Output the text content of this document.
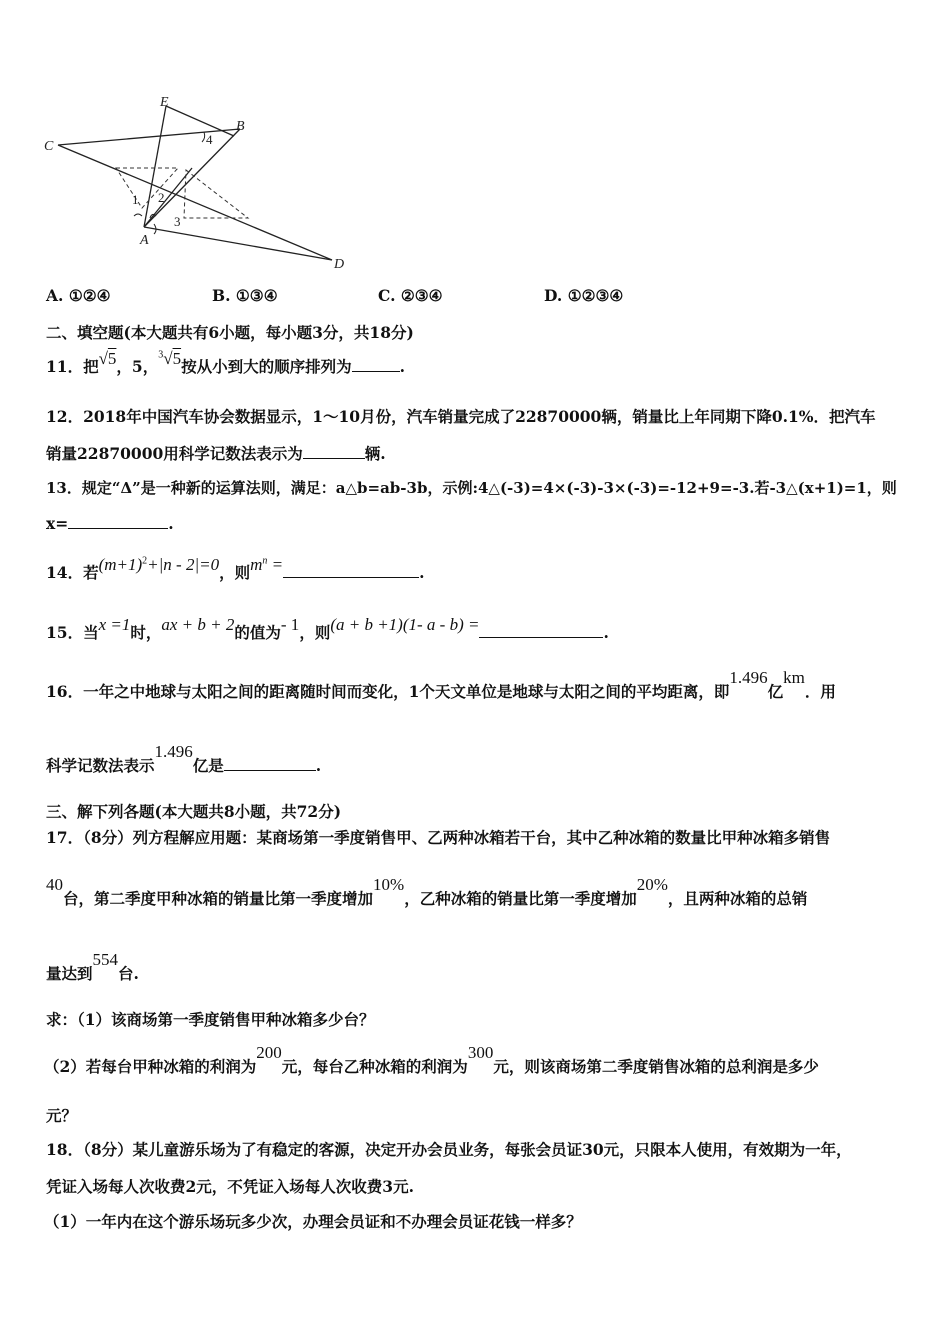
E
B
C
A
D
1 2
3
4
A. ①②④	B. ①③④	C. ②③④	D. ①②③④
二、填空题(本大题共有6小题，每小题3分，共18分)
11．把√5，5，$^3$√5按从小到大的顺序排列为	.
12．2018年中国汽车协会数据显示，1～10月份，汽车销量完成了22870000辆，销量比上年同期下降0.1%．把汽车
销量22870000用科学记数法表示为	辆.
13．规定“Δ”是一种新的运算法则，满足：a△b=ab-3b，示例:4△(-3)=4×(-3)-3×(-3)=-12+9=-3.若-3△(x+1)=1，则
x=	.
14．若$(m+1)^2+|n - 2|=0$，则$m^n$ =	.
15．当x =1时，ax + b + 2的值为- 1，则(a + b +1)(1- a - b) =	.
16．一年之中地球与太阳之间的距离随时间而变化，1个天文单位是地球与太阳之间的平均距离，即1.496亿km．用
科学记数法表示1.496亿是	.
三、解下列各题(本大题共8小题，共72分)
17．（8分）列方程解应用题：某商场第一季度销售甲、乙两种冰箱若干台，其中乙种冰箱的数量比甲种冰箱多销售
40台，第二季度甲种冰箱的销量比第一季度增加10%，乙种冰箱的销量比第一季度增加20%，且两种冰箱的总销
量达到554台.
求：（1）该商场第一季度销售甲种冰箱多少台？
（2）若每台甲种冰箱的利润为200元，每台乙种冰箱的利润为300元，则该商场第二季度销售冰箱的总利润是多少
元？
18．（8分）某儿童游乐场为了有稳定的客源，决定开办会员业务，每张会员证30元，只限本人使用，有效期为一年，
凭证入场每人次收费2元，不凭证入场每人次收费3元.
（1）一年内在这个游乐场玩多少次，办理会员证和不办理会员证花钱一样多？
